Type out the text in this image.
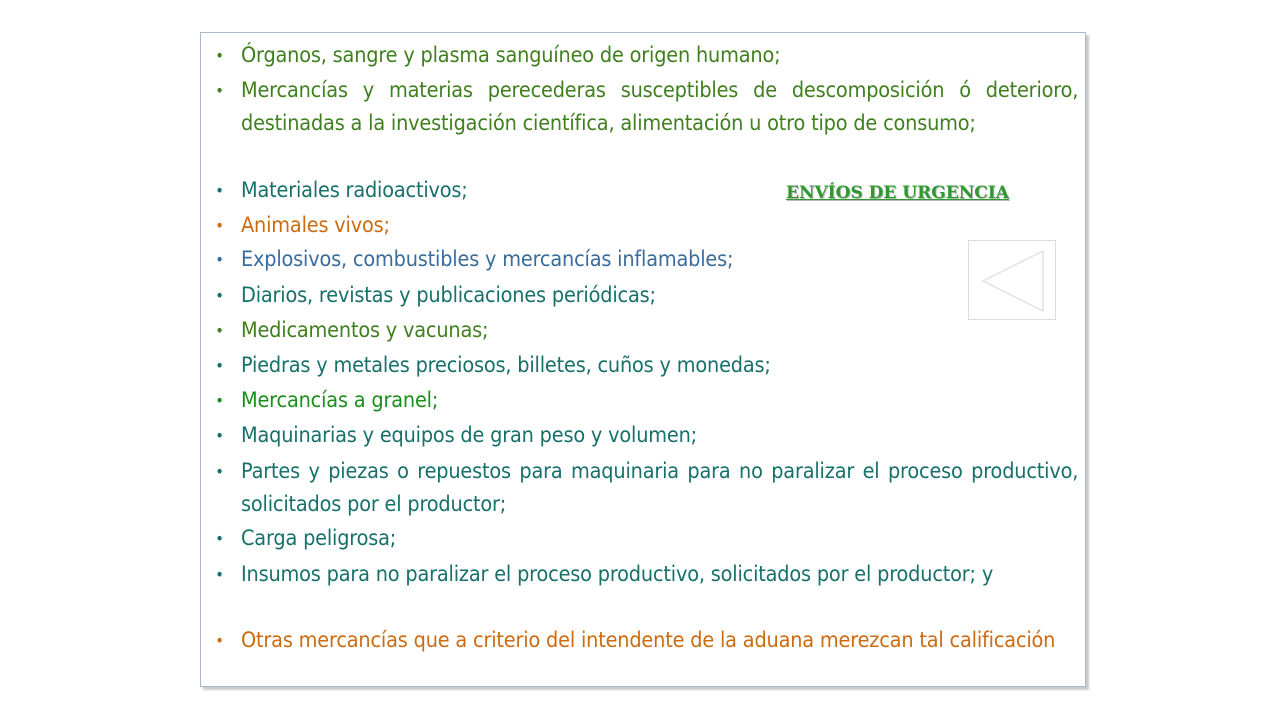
• Órganos, sangre y plasma sanguíneo de origen humano;
• Mercancías y materias perecederas susceptibles de descomposición ó deterioro, destinadas a la investigación científica, alimentación u otro tipo de consumo;
• Materiales radioactivos;
• Animales vivos;
• Explosivos, combustibles y mercancías inflamables;
• Diarios, revistas y publicaciones periódicas;
• Medicamentos y vacunas;
• Piedras y metales preciosos, billetes, cuños y monedas;
• Mercancías a granel;
• Maquinarias y equipos de gran peso y volumen;
• Partes y piezas o repuestos para maquinaria para no paralizar el proceso productivo, solicitados por el productor;
• Carga peligrosa;
• Insumos para no paralizar el proceso productivo, solicitados por el productor; y
• Otras mercancías que a criterio del intendente de la aduana merezcan tal calificación
ENVÍOS DE URGENCIA
